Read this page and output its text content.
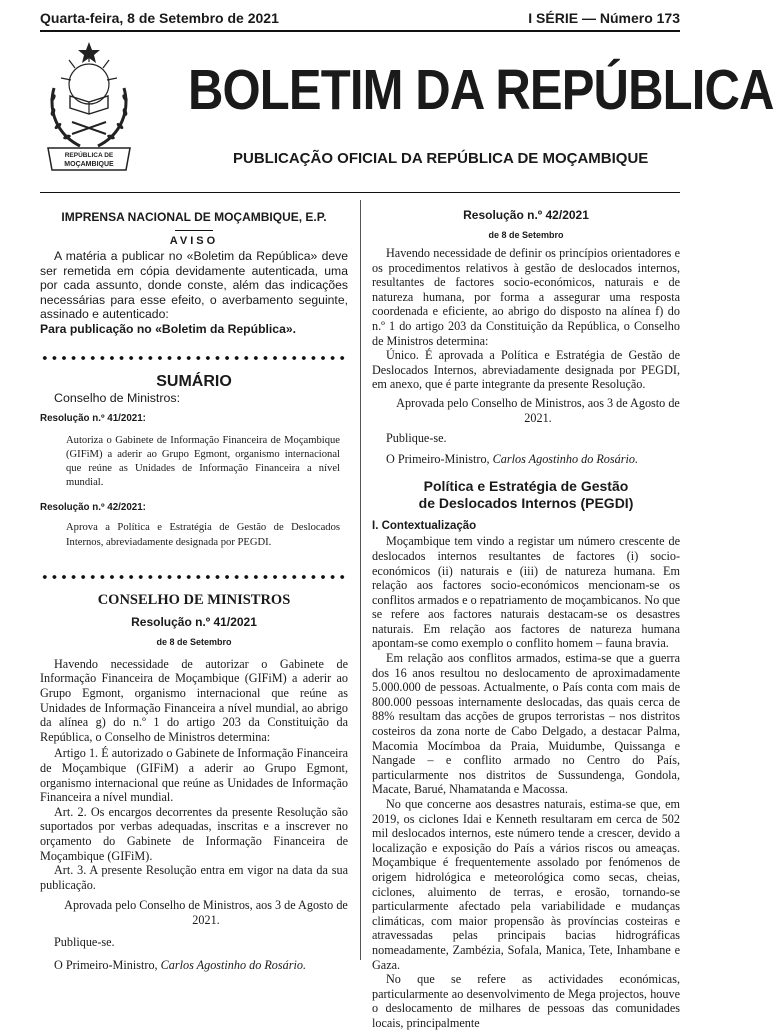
Quarta-feira, 8 de Setembro de 2021	I SÉRIE — Número 173
REPÚBLICA DE
MOÇAMBIQUE
BOLETIM DA REPÚBLICA
PUBLICAÇÃO OFICIAL DA REPÚBLICA DE MOÇAMBIQUE

IMPRENSA NACIONAL DE MOÇAMBIQUE, E.P.

AVISO

A matéria a publicar no «Boletim da República» deve ser remetida em cópia devidamente autenticada, uma por cada assunto, donde conste, além das indicações necessárias para esse efeito, o averbamento seguinte, assinado e autenticado:

Para publicação no «Boletim da República».

SUMÁRIO

Conselho de Ministros:

Resolução n.º 41/2021:

Autoriza o Gabinete de Informação Financeira de Moçambique (GIFiM) a aderir ao Grupo Egmont, organismo internacional que reúne as Unidades de Informação Financeira a nível mundial.

Resolução n.º 42/2021:

Aprova a Política e Estratégia de Gestão de Deslocados Internos, abreviadamente designada por PEGDI.

CONSELHO DE MINISTROS

Resolução n.º 41/2021

de 8 de Setembro

Havendo necessidade de autorizar o Gabinete de Informação Financeira de Moçambique (GIFiM) a aderir ao Grupo Egmont, organismo internacional que reúne as Unidades de Informação Financeira a nível mundial, ao abrigo da alínea g) do n.º 1 do artigo 203 da Constituição da República, o Conselho de Ministros determina:

Artigo 1. É autorizado o Gabinete de Informação Financeira de Moçambique (GIFiM) a aderir ao Grupo Egmont, organismo internacional que reúne as Unidades de Informação Financeira a nível mundial.

Art. 2. Os encargos decorrentes da presente Resolução são suportados por verbas adequadas, inscritas e a inscrever no orçamento do Gabinete de Informação Financeira de Moçambique (GIFiM).

Art. 3. A presente Resolução entra em vigor na data da sua publicação.

Aprovada pelo Conselho de Ministros, aos 3 de Agosto de 2021.

Publique-se.

O Primeiro-Ministro, Carlos Agostinho do Rosário.

Resolução n.º 42/2021

de 8 de Setembro

Havendo necessidade de definir os princípios orientadores e os procedimentos relativos à gestão de deslocados internos, resultantes de factores socio-económicos, naturais e de natureza humana, por forma a assegurar uma resposta coordenada e eficiente, ao abrigo do disposto na alínea f) do n.º 1 do artigo 203 da Constituição da República, o Conselho de Ministros determina:

Único. É aprovada a Política e Estratégia de Gestão de Deslocados Internos, abreviadamente designada por PEGDI, em anexo, que é parte integrante da presente Resolução.

Aprovada pelo Conselho de Ministros, aos 3 de Agosto de 2021.

Publique-se.

O Primeiro-Ministro, Carlos Agostinho do Rosário.

Política e Estratégia de Gestão

de Deslocados Internos (PEGDI)

I. Contextualização

Moçambique tem vindo a registar um número crescente de deslocados internos resultantes de factores (i) socio-económicos (ii) naturais e (iii) de natureza humana. Em relação aos factores socio-económicos mencionam-se os conflitos armados e o repatriamento de moçambicanos. No que se refere aos factores naturais destacam-se os desastres naturais. Em relação aos factores de natureza humana apontam-se como exemplo o conflito homem – fauna bravia.

Em relação aos conflitos armados, estima-se que a guerra dos 16 anos resultou no deslocamento de aproximadamente 5.000.000 de pessoas. Actualmente, o País conta com mais de 800.000 pessoas internamente deslocadas, das quais cerca de 88% resultam das acções de grupos terroristas – nos distritos costeiros da zona norte de Cabo Delgado, a destacar Palma, Macomia Mocímboa da Praia, Muidumbe, Quissanga e Nangade – e conflito armado no Centro do País, particularmente nos distritos de Sussundenga, Gondola, Macate, Barué, Nhamatanda e Macossa.

No que concerne aos desastres naturais, estima-se que, em 2019, os ciclones Idai e Kenneth resultaram em cerca de 502 mil deslocados internos, este número tende a crescer, devido a localização e exposição do País a vários riscos ou ameaças. Moçambique é frequentemente assolado por fenómenos de origem hidrológica e meteorológica como secas, cheias, ciclones, aluimento de terras, e erosão, tornando-se particularmente afectado pela variabilidade e mudanças climáticas, com maior propensão às províncias costeiras e atravessadas pelas principais bacias hidrográficas nomeadamente, Zambézia, Sofala, Manica, Tete, Inhambane e Gaza.

No que se refere as actividades económicas, particularmente ao desenvolvimento de Mega projectos, houve o deslocamento de milhares de pessoas das comunidades locais, principalmente
